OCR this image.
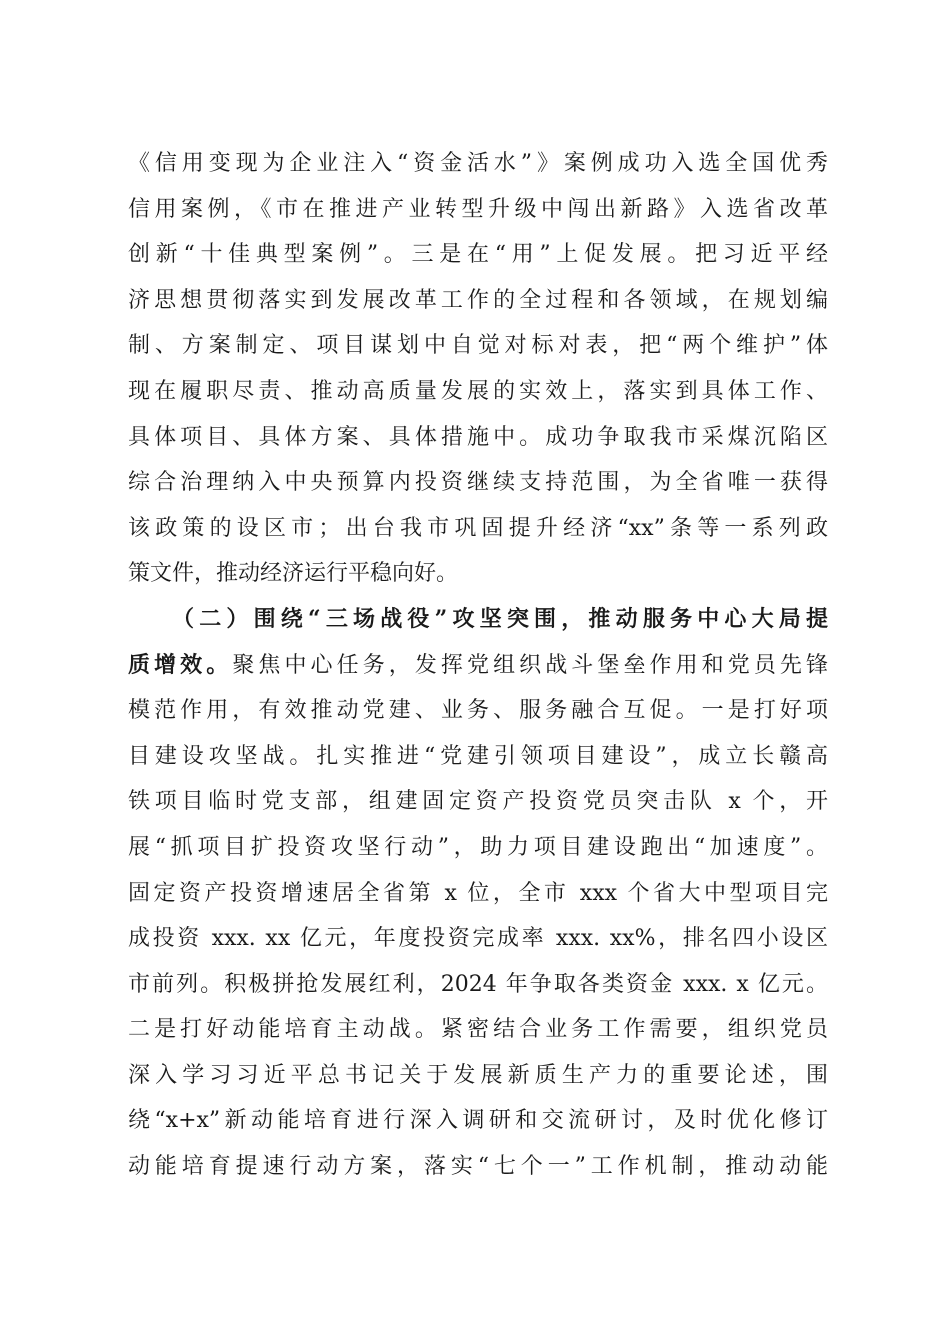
《信用变现为企业注入“资金活水”》案例成功入选全国优秀
信用案例，《市在推进产业转型升级中闯出新路》入选省改革
创新“十佳典型案例”。三是在“用”上促发展。把习近平经
济思想贯彻落实到发展改革工作的全过程和各领域，在规划编
制、方案制定、项目谋划中自觉对标对表，把“两个维护”体
现在履职尽责、推动高质量发展的实效上，落实到具体工作、
具体项目、具体方案、具体措施中。成功争取我市采煤沉陷区
综合治理纳入中央预算内投资继续支持范围，为全省唯一获得
该政策的设区市；出台我市巩固提升经济“xx”条等一系列政
策文件，推动经济运行平稳向好。
（二）围绕“三场战役”攻坚突围，推动服务中心大局提
质增效。聚焦中心任务，发挥党组织战斗堡垒作用和党员先锋
模范作用，有效推动党建、业务、服务融合互促。一是打好项
目建设攻坚战。扎实推进“党建引领项目建设”，成立长赣高
铁项目临时党支部，组建固定资产投资党员突击队 x 个，开
展“抓项目扩投资攻坚行动”，助力项目建设跑出“加速度”。
固定资产投资增速居全省第 x 位，全市 xxx 个省大中型项目完
成投资 xxx. xx 亿元，年度投资完成率 xxx. xx%，排名四小设区
市前列。积极拼抢发展红利，2024 年争取各类资金 xxx. x 亿元。
二是打好动能培育主动战。紧密结合业务工作需要，组织党员
深入学习习近平总书记关于发展新质生产力的重要论述，围
绕“x+x”新动能培育进行深入调研和交流研讨，及时优化修订
动能培育提速行动方案，落实“七个一”工作机制，推动动能
